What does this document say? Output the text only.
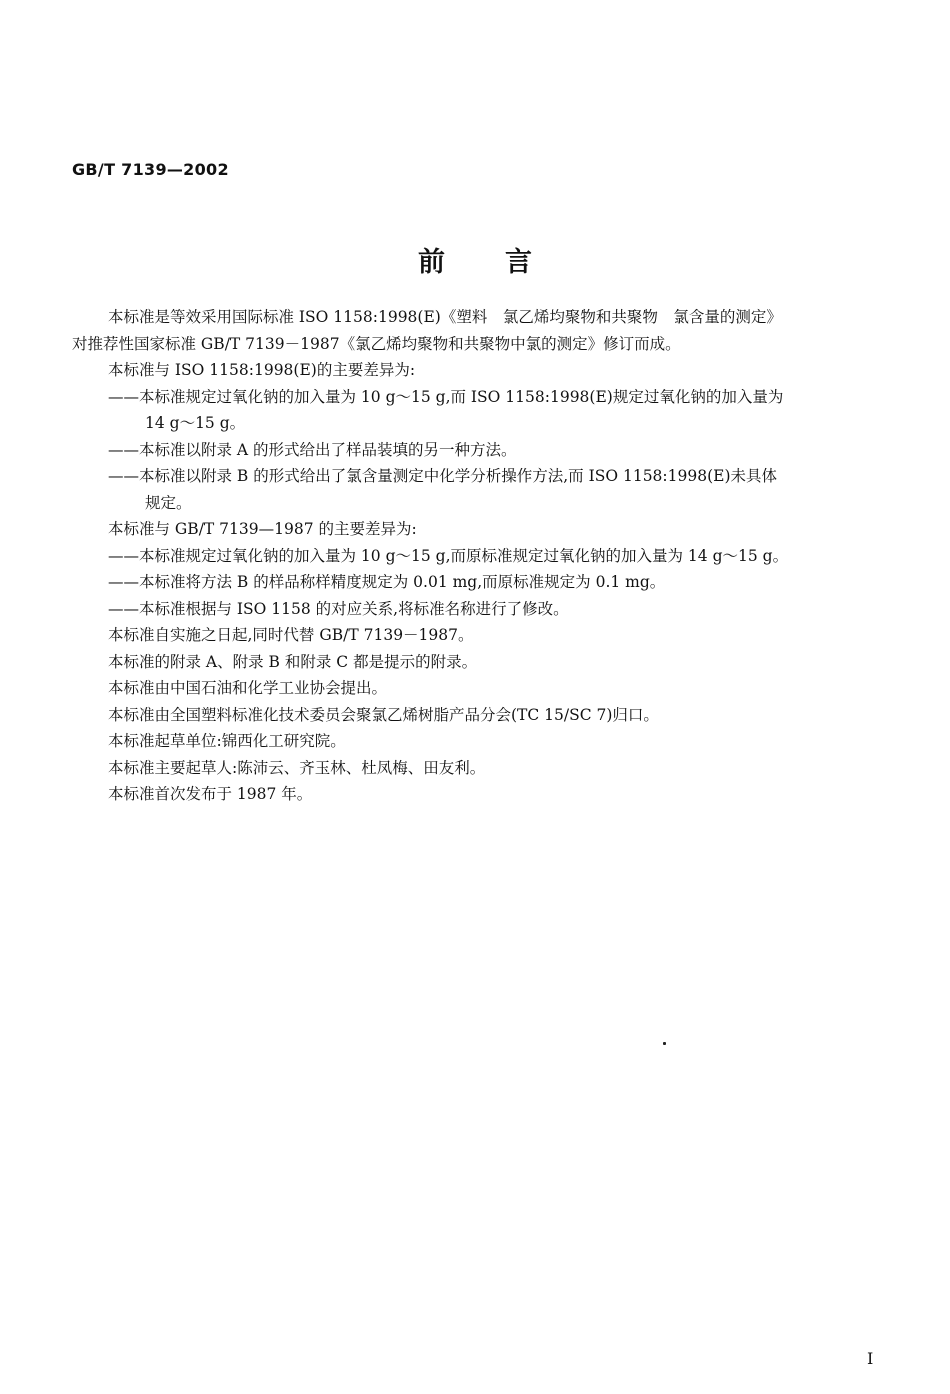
GB/T 7139—2002
前言
本标准是等效采用国际标准 ISO 1158:1998(E)《塑料　氯乙烯均聚物和共聚物　氯含量的测定》
对推荐性国家标准 GB/T 7139－1987《氯乙烯均聚物和共聚物中氯的测定》修订而成。
本标准与 ISO 1158:1998(E)的主要差异为:
——本标准规定过氧化钠的加入量为 10 g～15 g,而 ISO 1158:1998(E)规定过氧化钠的加入量为
14 g～15 g。
——本标准以附录 A 的形式给出了样品装填的另一种方法。
——本标准以附录 B 的形式给出了氯含量测定中化学分析操作方法,而 ISO 1158:1998(E)未具体
规定。
本标准与 GB/T 7139—1987 的主要差异为:
——本标准规定过氧化钠的加入量为 10 g～15 g,而原标准规定过氧化钠的加入量为 14 g～15 g。
——本标准将方法 B 的样品称样精度规定为 0.01 mg,而原标准规定为 0.1 mg。
——本标准根据与 ISO 1158 的对应关系,将标准名称进行了修改。
本标准自实施之日起,同时代替 GB/T 7139－1987。
本标准的附录 A、附录 B 和附录 C 都是提示的附录。
本标准由中国石油和化学工业协会提出。
本标准由全国塑料标准化技术委员会聚氯乙烯树脂产品分会(TC 15/SC 7)归口。
本标准起草单位:锦西化工研究院。
本标准主要起草人:陈沛云、齐玉林、杜凤梅、田友利。
本标准首次发布于 1987 年。
I
